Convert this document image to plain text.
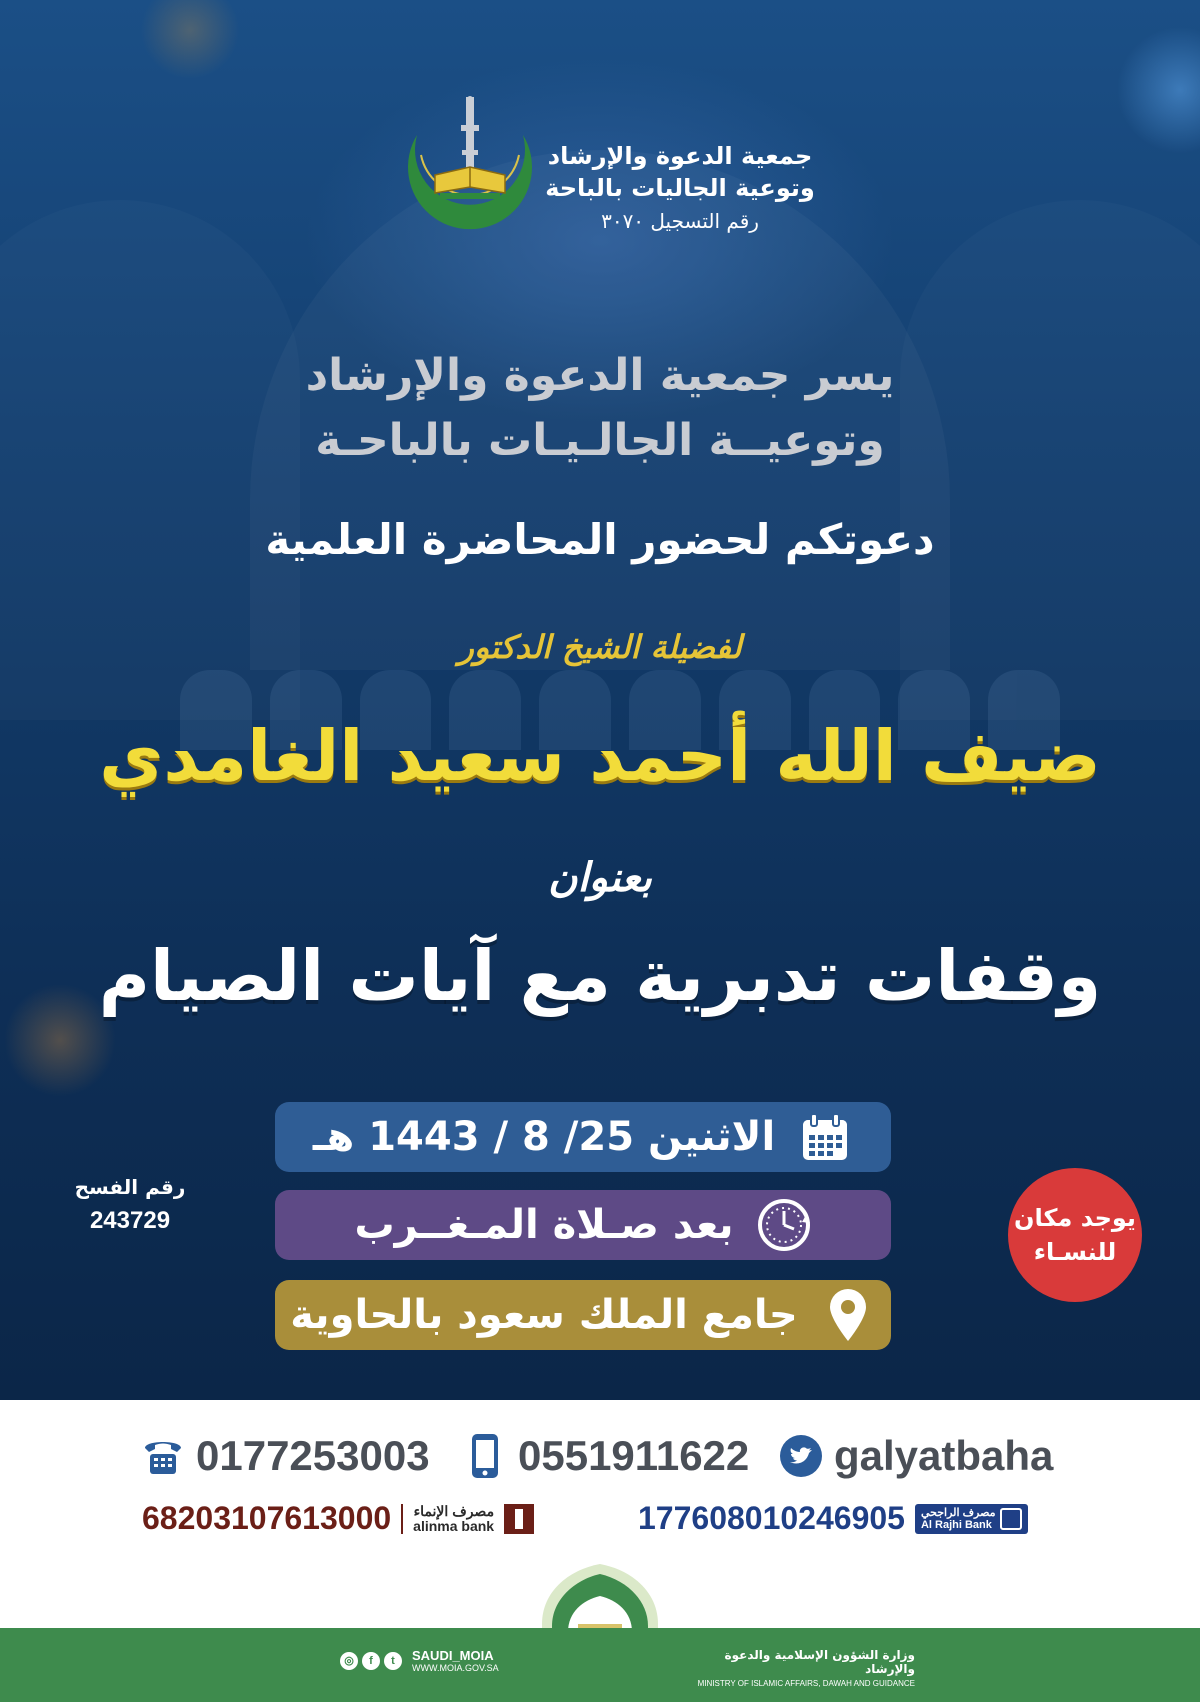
جمعية الدعوة والإرشاد
وتوعية الجاليات بالباحة
رقم التسجيل ٣٠٧٠
يسر جمعية الدعوة والإرشاد
وتوعيــة الجالـيـات بالباحـة
دعوتكم لحضور المحاضرة العلمية
لفضيلة الشيخ الدكتور
ضيف الله أحمد سعيد الغامدي
بعنوان
وقفات تدبرية مع آيات الصيام
الاثنين 25/ 8 / 1443 هـ
بعد صـلاة المـغــرب
جامع الملك سعود بالحاوية
رقم الفسح
243729	يوجد مكان
للنسـاء
0177253003 0551911622 galyatbaha
68203107613000 مصرف الإنماء
alinma bank	177608010246905 مصرف الراجحي
Al Rajhi Bank
◎	f	t	SAUDI_MOIA
WWW.MOIA.GOV.SA
وزارة الشؤون الإسلامية والدعوة والإرشاد
MINISTRY OF ISLAMIC AFFAIRS, DAWAH AND GUIDANCE
